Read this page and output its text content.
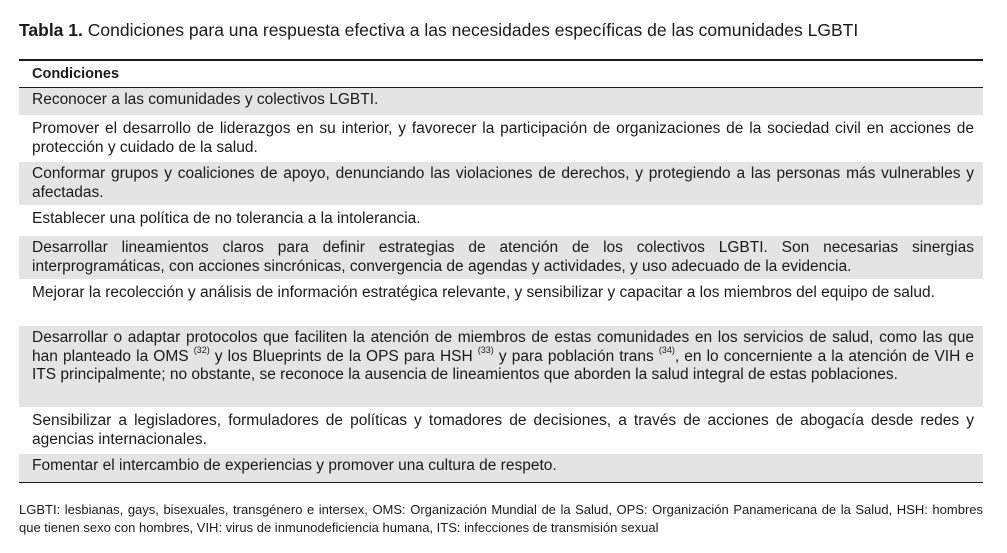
Tabla 1. Condiciones para una respuesta efectiva a las necesidades específicas de las comunidades LGBTI
Condiciones
Reconocer a las comunidades y colectivos LGBTI.
Promover el desarrollo de liderazgos en su interior, y favorecer la participación de organizaciones de la sociedad civil en acciones de protección y cuidado de la salud.
Conformar grupos y coaliciones de apoyo, denunciando las violaciones de derechos, y protegiendo a las personas más vulnerables y afectadas.
Establecer una política de no tolerancia a la intolerancia.
Desarrollar lineamientos claros para definir estrategias de atención de los colectivos LGBTI. Son necesarias sinergias interprogramáticas, con acciones sincrónicas, convergencia de agendas y actividades, y uso adecuado de la evidencia.
Mejorar la recolección y análisis de información estratégica relevante, y sensibilizar y capacitar a los miembros del equipo de salud.
Desarrollar o adaptar protocolos que faciliten la atención de miembros de estas comunidades en los servicios de salud, como las que han planteado la OMS $^{(32)}$ y los Blueprints de la OPS para HSH $^{(33)}$ y para población trans $^{(34)}$, en lo concerniente a la atención de VIH e ITS principalmente; no obstante, se reconoce la ausencia de lineamientos que aborden la salud integral de estas poblaciones.
Sensibilizar a legisladores, formuladores de políticas y tomadores de decisiones, a través de acciones de abogacía desde redes y agencias internacionales.
Fomentar el intercambio de experiencias y promover una cultura de respeto.
LGBTI: lesbianas, gays, bisexuales, transgénero e intersex, OMS: Organización Mundial de la Salud, OPS: Organización Panamericana de la Salud, HSH: hombres que tienen sexo con hombres, VIH: virus de inmunodeficiencia humana, ITS: infecciones de transmisión sexual
